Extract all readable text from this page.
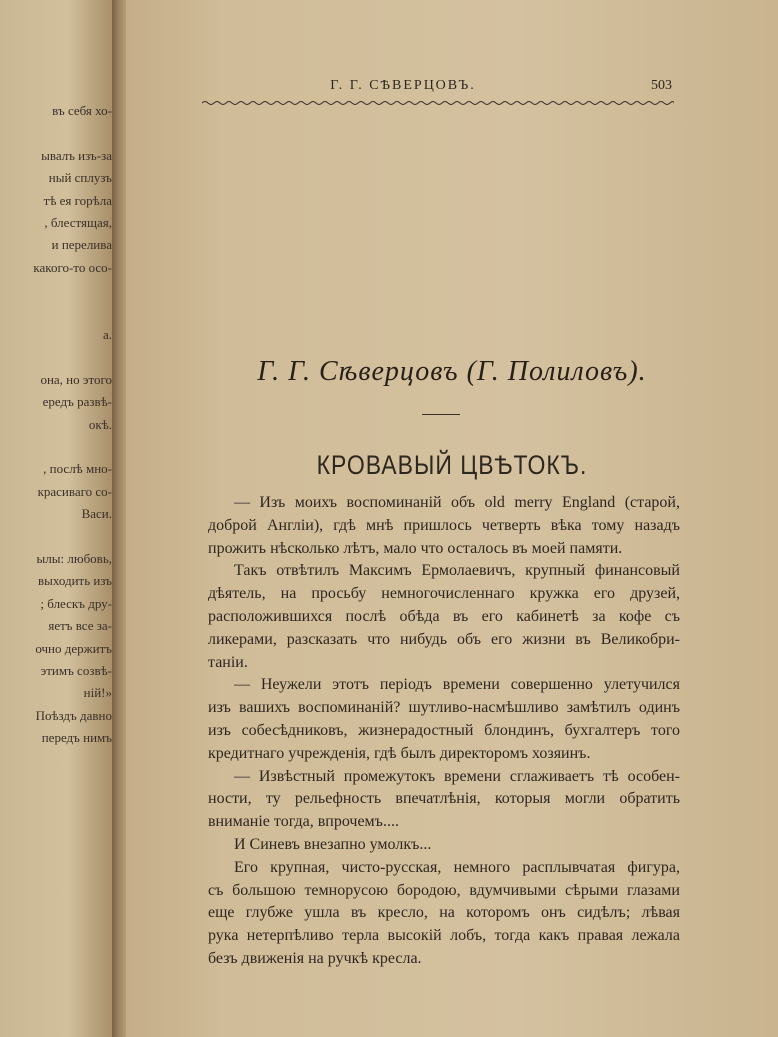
въ себя хо-
ывалъ изъ-за
ный сплузъ
тѣ ея горѣла
, блестящая,
и перелива
какого-то осо-
а.
она, но этого
ередъ развѣ-
окѣ.
, послѣ мно-
красиваго со-
Васи.
ылы: любовь,
выходить изъ
; блескъ дру-
яетъ все за-
очно держитъ
этимъ созвѣ-
ній!»
Поѣздъ давно
передъ нимъ
Г. Г. СѢВЕРЦОВЪ.	503
Г. Г. Сѣверцовъ (Г. Полиловъ).
КРОВАВЫЙ ЦВѢТОКЪ.
— Изъ моихъ воспоминаній объ old merry England (старой,
доброй Англіи), гдѣ мнѣ пришлось четверть вѣка тому назадъ
прожить нѣсколько лѣтъ, мало что осталось въ моей памяти.
Такъ отвѣтилъ Максимъ Ермолаевичъ, крупный финансовый
дѣятель, на просьбу немногочисленнаго кружка его друзей,
расположившихся послѣ обѣда въ его кабинетѣ за кофе съ
ликерами, разсказать что нибудь объ его жизни въ Великобри-
таніи.
— Неужели этотъ періодъ времени совершенно улетучился
изъ вашихъ воспоминаній? шутливо-насмѣшливо замѣтилъ одинъ
изъ собесѣдниковъ, жизнерадостный блондинъ, бухгалтеръ того
кредитнаго учрежденія, гдѣ былъ директоромъ хозяинъ.
— Извѣстный промежутокъ времени сглаживаетъ тѣ особен-
ности, ту рельефность впечатлѣнія, которыя могли обратить
вниманіе тогда, впрочемъ....
И Синевъ внезапно умолкъ...
Его крупная, чисто-русская, немного расплывчатая фигура,
съ большою темнорусою бородою, вдумчивыми сѣрыми глазами
еще глубже ушла въ кресло, на которомъ онъ сидѣлъ; лѣвая
рука нетерпѣливо терла высокій лобъ, тогда какъ правая лежала
безъ движенія на ручкѣ кресла.
